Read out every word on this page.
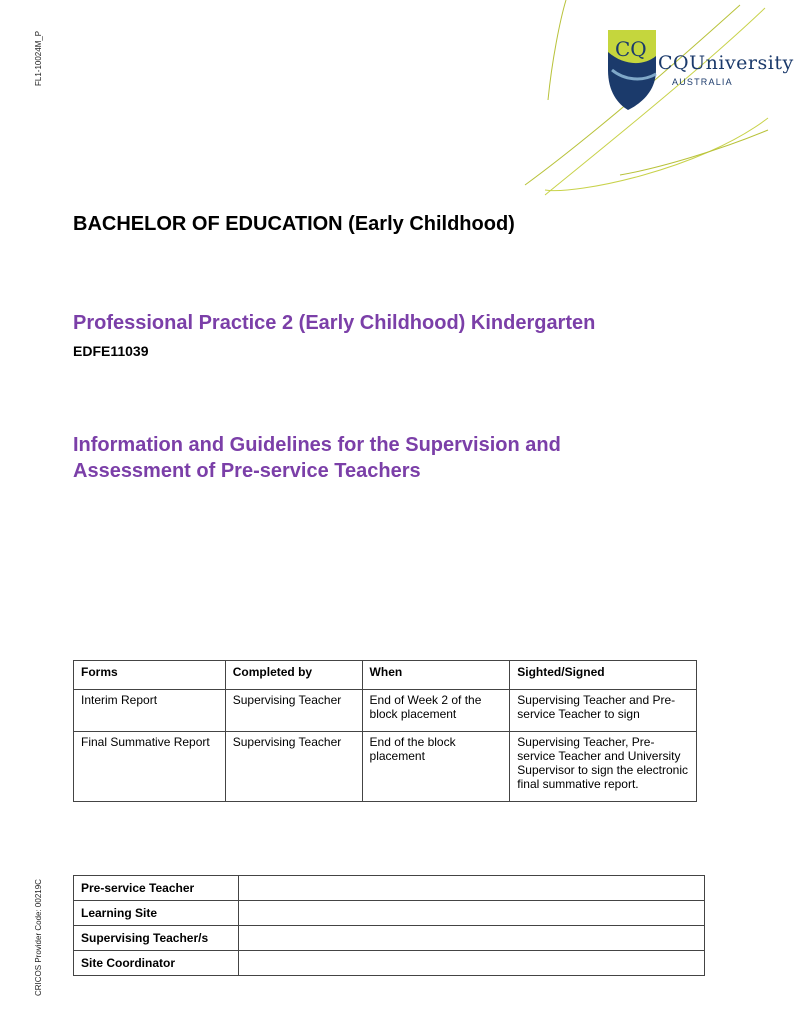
FL1-10024M_P
CRICOS Provider Code: 00219C
CQ
CQUniversity
AUSTRALIA
BACHELOR OF EDUCATION (Early Childhood)
Professional Practice 2 (Early Childhood) Kindergarten
EDFE11039
Information and Guidelines for the Supervision and
Assessment of Pre-service Teachers
Forms	Completed by	When	Sighted/Signed
Interim Report	Supervising Teacher	End of Week 2 of the block placement	Supervising Teacher and Pre-service Teacher to sign
Final Summative Report	Supervising Teacher	End of the block placement	Supervising Teacher, Pre-service Teacher and University Supervisor to sign the electronic final summative report.
Pre-service Teacher	
Learning Site	
Supervising Teacher/s	
Site Coordinator	
